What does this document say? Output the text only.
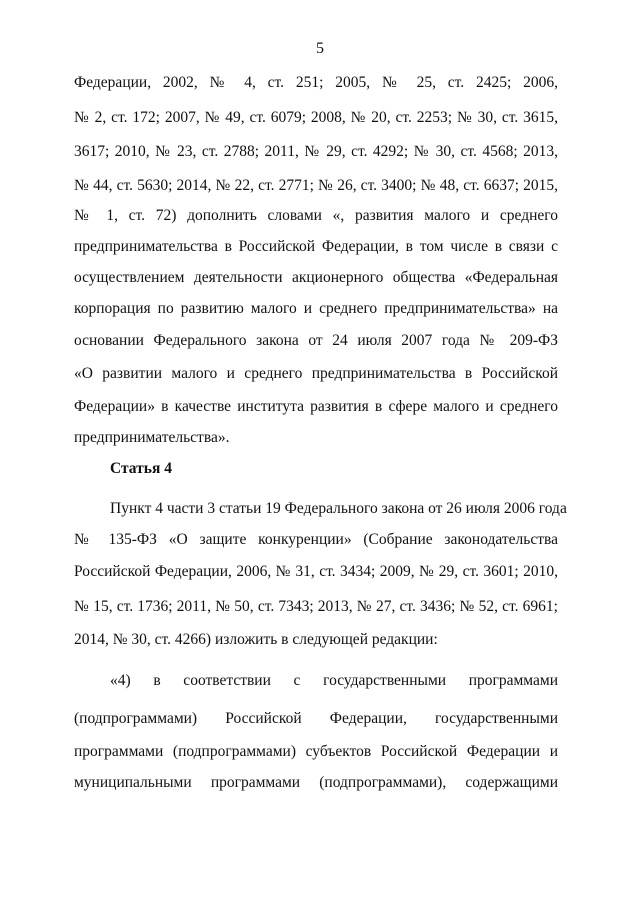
5
Федерации, 2002, № 4, ст. 251; 2005, № 25, ст. 2425; 2006,
№ 2, ст. 172; 2007, № 49, ст. 6079; 2008, № 20, ст. 2253; № 30, ст. 3615,
3617; 2010, № 23, ст. 2788; 2011, № 29, ст. 4292; № 30, ст. 4568; 2013,
№ 44, ст. 5630; 2014, № 22, ст. 2771; № 26, ст. 3400; № 48, ст. 6637; 2015,
№ 1, ст. 72) дополнить словами «, развития малого и среднего
предпринимательства в Российской Федерации, в том числе в связи с
осуществлением деятельности акционерного общества «Федеральная
корпорация по развитию малого и среднего предпринимательства» на
основании Федерального закона от 24 июля 2007 года № 209-ФЗ
«О развитии малого и среднего предпринимательства в Российской
Федерации» в качестве института развития в сфере малого и среднего
предпринимательства».
Статья 4
Пункт 4 части 3 статьи 19 Федерального закона от 26 июля 2006 года
№ 135-ФЗ «О защите конкуренции» (Собрание законодательства
Российской Федерации, 2006, № 31, ст. 3434; 2009, № 29, ст. 3601; 2010,
№ 15, ст. 1736; 2011, № 50, ст. 7343; 2013, № 27, ст. 3436; № 52, ст. 6961;
2014, № 30, ст. 4266) изложить в следующей редакции:
«4) в соответствии с государственными программами
(подпрограммами) Российской Федерации, государственными
программами (подпрограммами) субъектов Российской Федерации и
муниципальными программами (подпрограммами), содержащими
